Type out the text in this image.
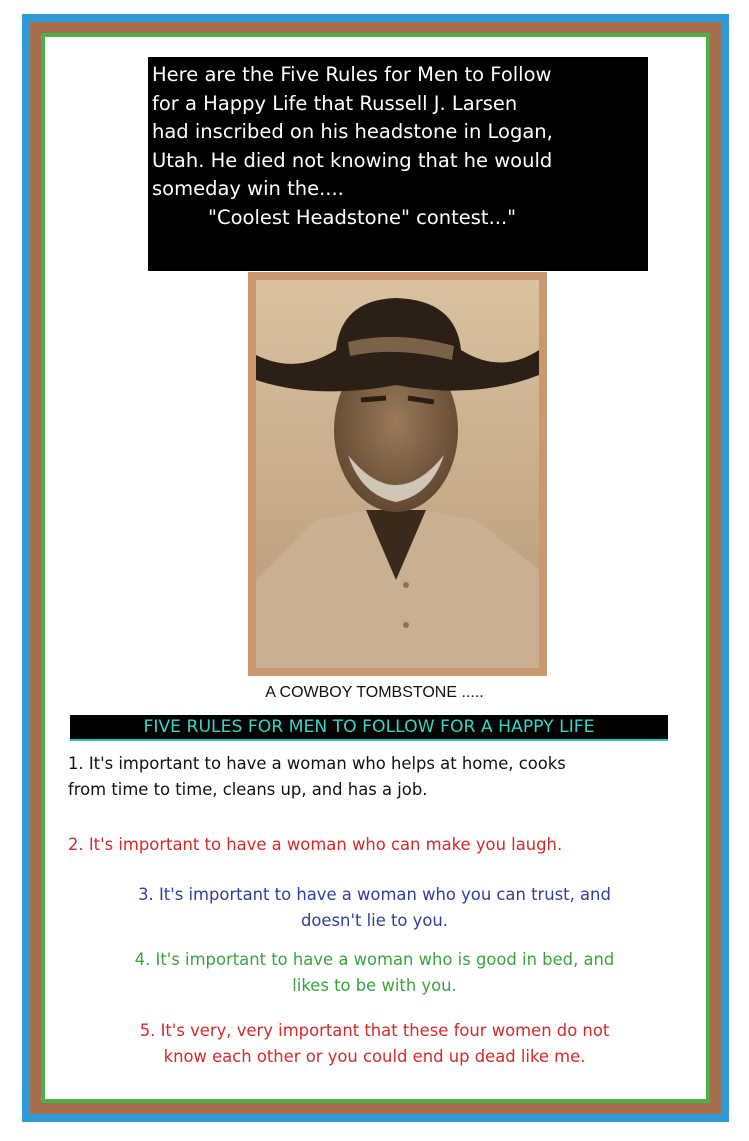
Here are the Five Rules for Men to Follow
for a Happy Life that Russell J. Larsen
had inscribed on his headstone in Logan,
Utah. He died not knowing that he would
someday win the....
"Coolest Headstone" contest..."
A COWBOY TOMBSTONE .....
FIVE RULES FOR MEN TO FOLLOW FOR A HAPPY LIFE
1. It's important to have a woman who helps at home, cooks
from time to time, cleans up, and has a job.
2. It's important to have a woman who can make you laugh.
3. It's important to have a woman who you can trust, and
doesn't lie to you.
4. It's important to have a woman who is good in bed, and
likes to be with you.
5. It's very, very important that these four women do not
know each other or you could end up dead like me.
